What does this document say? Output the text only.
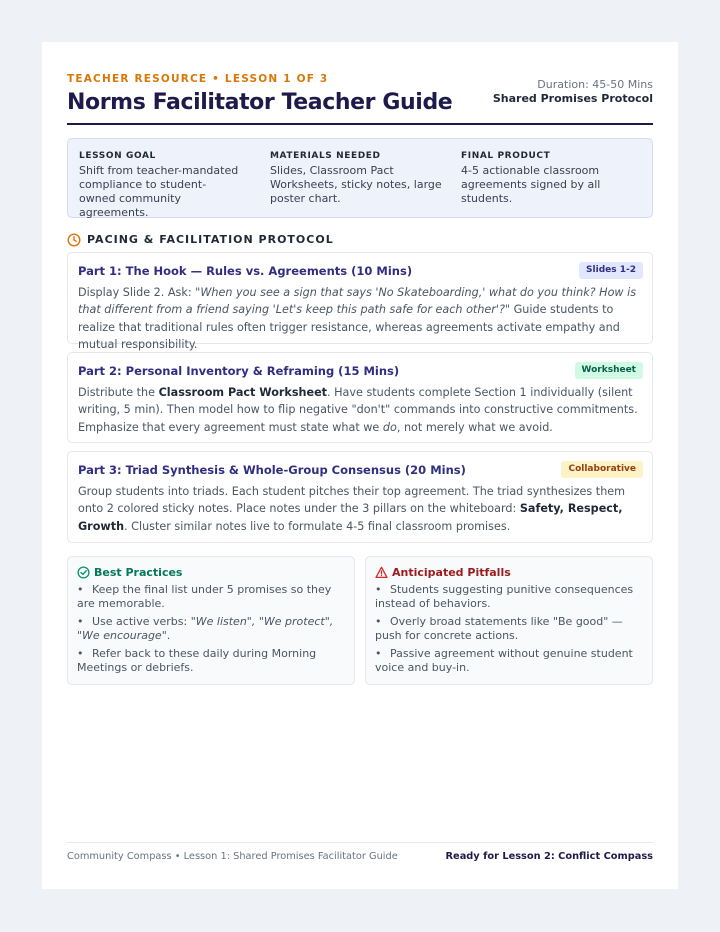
TEACHER RESOURCE • LESSON 1 OF 3
Norms Facilitator Teacher Guide
Duration: 45-50 Mins
Shared Promises Protocol
LESSON GOAL
Shift from teacher-mandated compliance to student-owned community agreements.
MATERIALS NEEDED
Slides, Classroom Pact Worksheets, sticky notes, large poster chart.
FINAL PRODUCT
4-5 actionable classroom agreements signed by all students.
PACING & FACILITATION PROTOCOL
Part 1: The Hook — Rules vs. Agreements (10 Mins)	Slides 1-2

Display Slide 2. Ask: "When you see a sign that says 'No Skateboarding,' what do you think? How is that different from a friend saying 'Let's keep this path safe for each other'?" Guide students to realize that traditional rules often trigger resistance, whereas agreements activate empathy and mutual responsibility.

Part 2: Personal Inventory & Reframing (15 Mins)	Worksheet

Distribute the Classroom Pact Worksheet. Have students complete Section 1 individually (silent writing, 5 min). Then model how to flip negative "don't" commands into constructive commitments. Emphasize that every agreement must state what we do, not merely what we avoid.

Part 3: Triad Synthesis & Whole-Group Consensus (20 Mins)	Collaborative

Group students into triads. Each student pitches their top agreement. The triad synthesizes them onto 2 colored sticky notes. Place notes under the 3 pillars on the whiteboard: Safety, Respect, Growth. Cluster similar notes live to formulate 4-5 final classroom promises.

Best Practices
• Keep the final list under 5 promises so they are memorable.
• Use active verbs: "We listen", "We protect", "We encourage".
• Refer back to these daily during Morning Meetings or debriefs.
Anticipated Pitfalls
• Students suggesting punitive consequences instead of behaviors.
• Overly broad statements like "Be good" — push for concrete actions.
• Passive agreement without genuine student voice and buy-in.
Community Compass • Lesson 1: Shared Promises Facilitator Guide	Ready for Lesson 2: Conflict Compass
